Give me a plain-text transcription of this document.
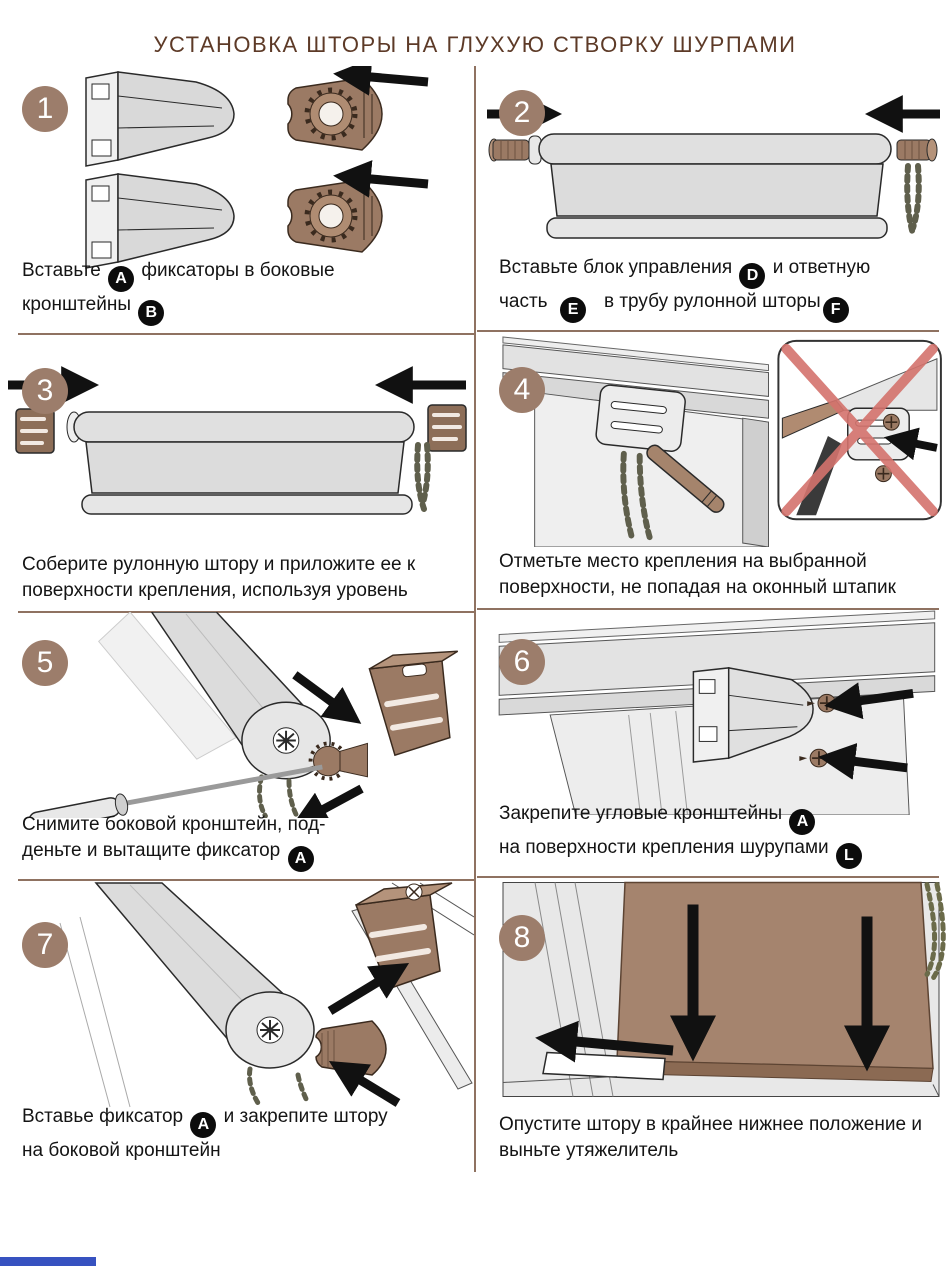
УСТАНОВКА ШТОРЫ НА ГЛУХУЮ СТВОРКУ ШУРПАМИ
1

Вставьте A фиксаторы в боковые
кронштейны B

2

Вставьте блок управления D и ответную
часть  E   в трубу рулонной шторы F

3

Соберите рулонную штору и приложите ее к
поверхности крепления, используя уровень

4

Отметьте место крепления на выбранной
поверхности, не попадая на оконный штапик

5

Снимите боковой кронштейн, под-
деньте и вытащите фиксатор A

6

Закрепите угловые кронштейны A
на поверхности крепления шурупами L

7

Вставье фиксатор A и закрепите штору
на боковой кронштейн

8

Опустите штору в крайнее нижнее положение и
выньте утяжелитель
